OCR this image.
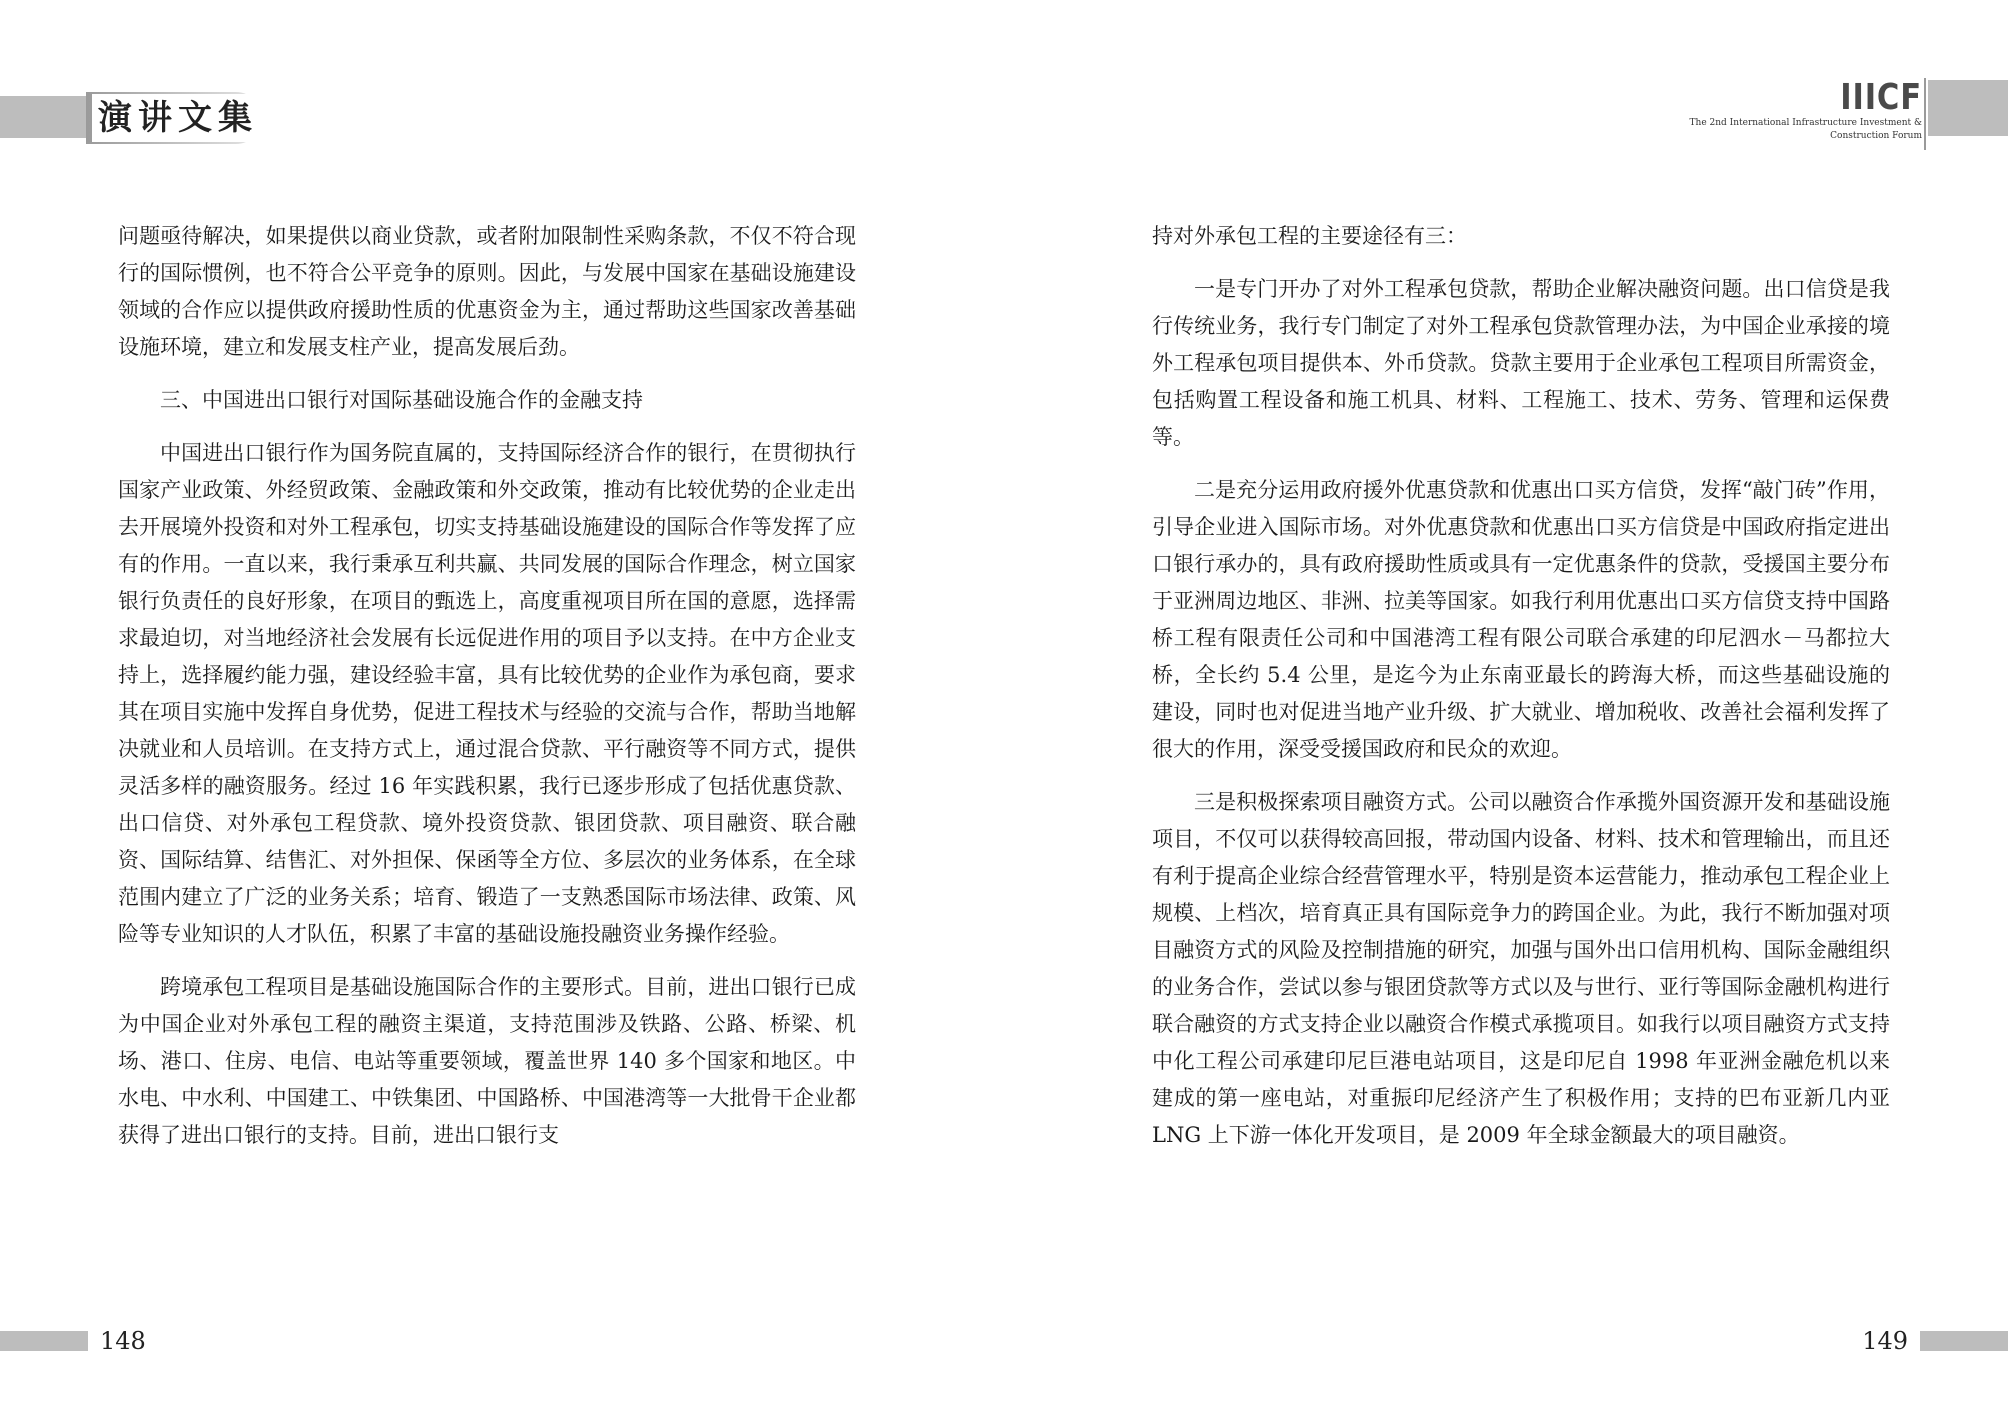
演讲文集

问题亟待解决，如果提供以商业贷款，或者附加限制性采购条款，不仅不符合现行的国际惯例，也不符合公平竞争的原则。因此，与发展中国家在基础设施建设领域的合作应以提供政府援助性质的优惠资金为主，通过帮助这些国家改善基础设施环境，建立和发展支柱产业，提高发展后劲。

三、中国进出口银行对国际基础设施合作的金融支持

中国进出口银行作为国务院直属的，支持国际经济合作的银行，在贯彻执行国家产业政策、外经贸政策、金融政策和外交政策，推动有比较优势的企业走出去开展境外投资和对外工程承包，切实支持基础设施建设的国际合作等发挥了应有的作用。一直以来，我行秉承互利共赢、共同发展的国际合作理念，树立国家银行负责任的良好形象，在项目的甄选上，高度重视项目所在国的意愿，选择需求最迫切，对当地经济社会发展有长远促进作用的项目予以支持。在中方企业支持上，选择履约能力强，建设经验丰富，具有比较优势的企业作为承包商，要求其在项目实施中发挥自身优势，促进工程技术与经验的交流与合作，帮助当地解决就业和人员培训。在支持方式上，通过混合贷款、平行融资等不同方式，提供灵活多样的融资服务。经过 16 年实践积累，我行已逐步形成了包括优惠贷款、出口信贷、对外承包工程贷款、境外投资贷款、银团贷款、项目融资、联合融资、国际结算、结售汇、对外担保、保函等全方位、多层次的业务体系，在全球范围内建立了广泛的业务关系；培育、锻造了一支熟悉国际市场法律、政策、风险等专业知识的人才队伍，积累了丰富的基础设施投融资业务操作经验。

跨境承包工程项目是基础设施国际合作的主要形式。目前，进出口银行已成为中国企业对外承包工程的融资主渠道，支持范围涉及铁路、公路、桥梁、机场、港口、住房、电信、电站等重要领域，覆盖世界 140 多个国家和地区。中水电、中水利、中国建工、中铁集团、中国路桥、中国港湾等一大批骨干企业都获得了进出口银行的支持。目前，进出口银行支

148
IIICF
The 2nd International Infrastructure Investment &
Construction Forum

持对外承包工程的主要途径有三：

一是专门开办了对外工程承包贷款，帮助企业解决融资问题。出口信贷是我行传统业务，我行专门制定了对外工程承包贷款管理办法，为中国企业承接的境外工程承包项目提供本、外币贷款。贷款主要用于企业承包工程项目所需资金，包括购置工程设备和施工机具、材料、工程施工、技术、劳务、管理和运保费等。

二是充分运用政府援外优惠贷款和优惠出口买方信贷，发挥“敲门砖”作用，引导企业进入国际市场。对外优惠贷款和优惠出口买方信贷是中国政府指定进出口银行承办的，具有政府援助性质或具有一定优惠条件的贷款，受援国主要分布于亚洲周边地区、非洲、拉美等国家。如我行利用优惠出口买方信贷支持中国路桥工程有限责任公司和中国港湾工程有限公司联合承建的印尼泗水－马都拉大桥，全长约 5.4 公里，是迄今为止东南亚最长的跨海大桥，而这些基础设施的建设，同时也对促进当地产业升级、扩大就业、增加税收、改善社会福利发挥了很大的作用，深受受援国政府和民众的欢迎。

三是积极探索项目融资方式。公司以融资合作承揽外国资源开发和基础设施项目，不仅可以获得较高回报，带动国内设备、材料、技术和管理输出，而且还有利于提高企业综合经营管理水平，特别是资本运营能力，推动承包工程企业上规模、上档次，培育真正具有国际竞争力的跨国企业。为此，我行不断加强对项目融资方式的风险及控制措施的研究，加强与国外出口信用机构、国际金融组织的业务合作，尝试以参与银团贷款等方式以及与世行、亚行等国际金融机构进行联合融资的方式支持企业以融资合作模式承揽项目。如我行以项目融资方式支持中化工程公司承建印尼巨港电站项目，这是印尼自 1998 年亚洲金融危机以来建成的第一座电站，对重振印尼经济产生了积极作用；支持的巴布亚新几内亚 LNG 上下游一体化开发项目，是 2009 年全球金额最大的项目融资。

149
